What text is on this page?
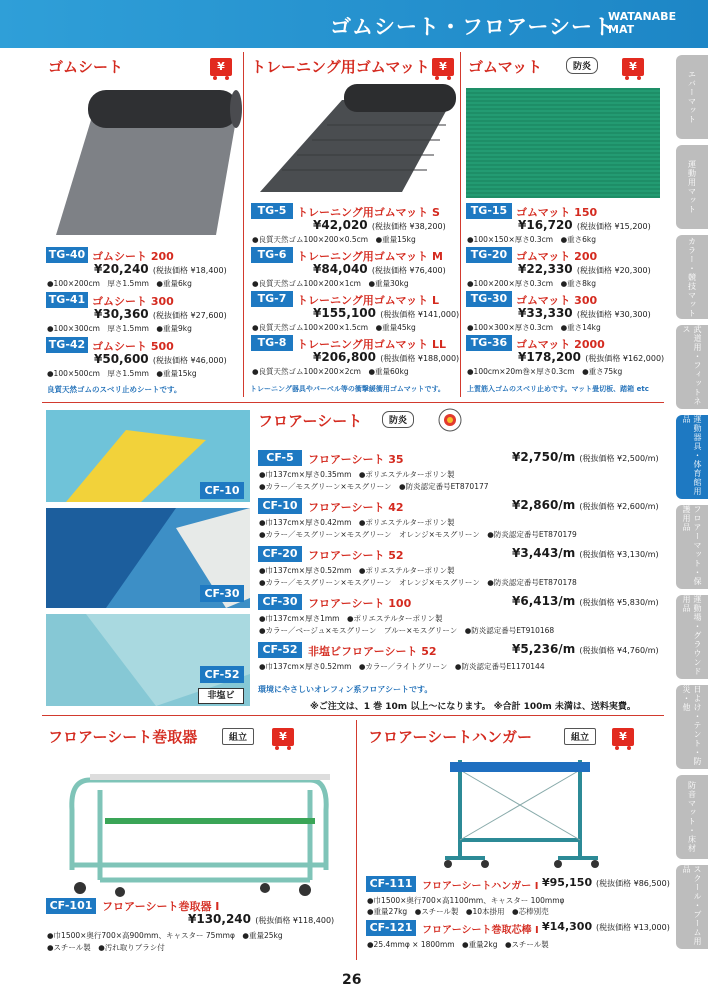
ゴムシート・フロアーシート
WATANABE
MAT
エバーマット
運動用マット
カラー・競技マット
武道用・フィットネス
運動器具・体育館用品
フロアーマット・保護用品
運動場・グラウンド用品
日よけ・テント・防災・他
防音マット・床材
スクール・ブーム用品
ゴムシート	¥
TG-40 ゴムシート 200
¥20,240 (税抜価格 ¥18,400)
●100×200cm　厚さ1.5mm　●重量6kg
TG-41 ゴムシート 300
¥30,360 (税抜価格 ¥27,600)
●100×300cm　厚さ1.5mm　●重量9kg
TG-42 ゴムシート 500
¥50,600 (税抜価格 ¥46,000)
●100×500cm　厚さ1.5mm　●重量15kg
良質天然ゴムのスベリ止めシートです。
トレーニング用ゴムマット ¥
TG-5 トレーニング用ゴムマット S
¥42,020 (税抜価格 ¥38,200)
●良質天然ゴム100×200×0.5cm　●重量15kg
TG-6 トレーニング用ゴムマット M
¥84,040 (税抜価格 ¥76,400)
●良質天然ゴム100×200×1cm　●重量30kg
TG-7 トレーニング用ゴムマット L
¥155,100 (税抜価格 ¥141,000)
●良質天然ゴム100×200×1.5cm　●重量45kg
TG-8 トレーニング用ゴムマット LL
¥206,800 (税抜価格 ¥188,000)
●良質天然ゴム100×200×2cm　●重量60kg
トレーニング器具やバーベル等の衝撃緩衝用ゴムマットです。
ゴムマット	防炎	¥
TG-15 ゴムマット 150
¥16,720 (税抜価格 ¥15,200)
●100×150×厚さ0.3cm　●重さ6kg
TG-20 ゴムマット 200
¥22,330 (税抜価格 ¥20,300)
●100×200×厚さ0.3cm　●重さ8kg
TG-30 ゴムマット 300
¥33,330 (税抜価格 ¥30,300)
●100×300×厚さ0.3cm　●重さ14kg
TG-36 ゴムマット 2000
¥178,200 (税抜価格 ¥162,000)
●100cm×20m巻×厚さ0.3cm　●重さ75kg
上質筋入ゴムのスベリ止めです。マット畳切板、踏箱 etc
CF-10
CF-30
CF-52
非塩ビ
フロアーシート	防炎
CF-5	フロアーシート 35	¥2,750/m (税抜価格 ¥2,500/m)
●巾137cm×厚さ0.35mm　●ポリエステルターポリン製
●カラー／モスグリーン×モスグリーン　●防炎認定番号ET870177
CF-10 フロアーシート 42	¥2,860/m (税抜価格 ¥2,600/m)
●巾137cm×厚さ0.42mm　●ポリエステルターポリン製
●カラー／モスグリーン×モスグリーン　オレンジ×モスグリーン　●防炎認定番号ET870179
CF-20 フロアーシート 52	¥3,443/m (税抜価格 ¥3,130/m)
●巾137cm×厚さ0.52mm　●ポリエステルターポリン製
●カラー／モスグリーン×モスグリーン　オレンジ×モスグリーン　●防炎認定番号ET870178
CF-30 フロアーシート 100	¥6,413/m (税抜価格 ¥5,830/m)
●巾137cm×厚さ1mm　●ポリエステルターポリン製
●カラー／ベージュ×モスグリーン　ブルー×モスグリーン　●防炎認定番号ET910168
CF-52 非塩ビフロアーシート 52	¥5,236/m (税抜価格 ¥4,760/m)
●巾137cm×厚さ0.52mm　●カラー／ライトグリーン　●防炎認定番号E1170144
環境にやさしいオレフィン系フロアシートです。
※ご注文は、1 巻 10m 以上〜になります。 ※合計 100m 未満は、送料実費。
フロアーシート巻取器	組立	¥
CF-101 フロアーシート巻取器 I
¥130,240 (税抜価格 ¥118,400)
●巾1500×奥行700×高900mm、キャスター 75mmφ　●重量25kg
●スチール製　●汚れ取りブラシ付
フロアーシートハンガー	組立	¥
CF-111 フロアーシートハンガー I ¥95,150 (税抜価格 ¥86,500)
●巾1500×奥行700×高1100mm、キャスター 100mmφ
●重量27kg　●スチール製　●10本掛用　●芯棒別売
CF-121 フロアーシート巻取芯棒 I ¥14,300 (税抜価格 ¥13,000)
●25.4mmφ × 1800mm　●重量2kg　●スチール製
26
